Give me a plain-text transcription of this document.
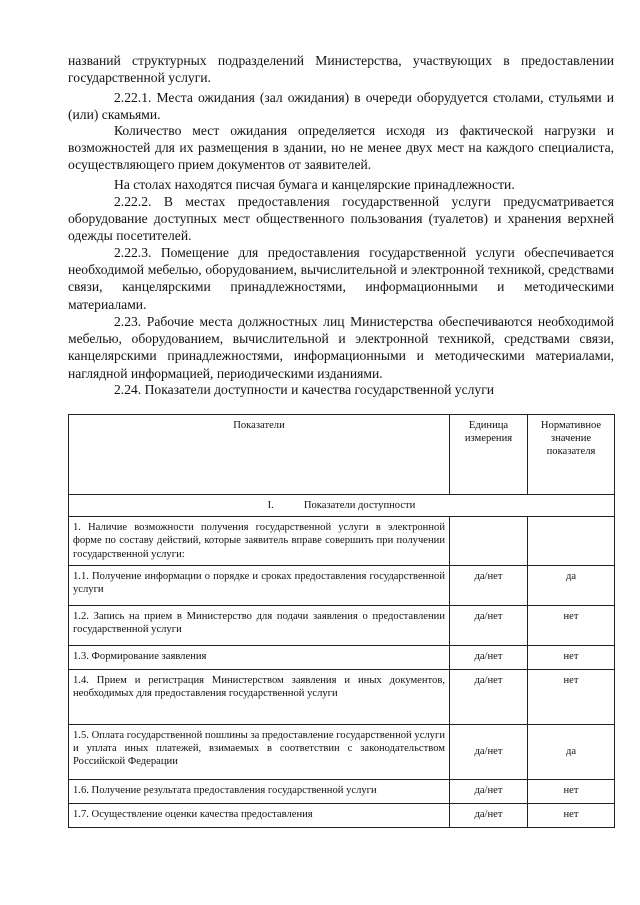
названий структурных подразделений Министерства, участвующих в предоставлении государственной услуги.

2.22.1. Места ожидания (зал ожидания) в очереди оборудуется столами, стульями и (или) скамьями.

Количество мест ожидания определяется исходя из фактической нагрузки и возможностей для их размещения в здании, но не менее двух мест на каждого специалиста, осуществляющего прием документов от заявителей.

На столах находятся писчая бумага и канцелярские принадлежности.

2.22.2. В местах предоставления государственной услуги предусматривается оборудование доступных мест общественного пользования (туалетов) и хранения верхней одежды посетителей.

2.22.3. Помещение для предоставления государственной услуги обеспечивается необходимой мебелью, оборудованием, вычислительной и электронной техникой, средствами связи, канцелярскими принадлежностями, информационными и методическими материалами.

2.23. Рабочие места должностных лиц Министерства обеспечиваются необходимой мебелью, оборудованием, вычислительной и электронной техникой, средствами связи, канцелярскими принадлежностями, информационными и методическими материалами, наглядной информацией, периодическими изданиями.

2.24. Показатели доступности и качества государственной услуги

Показатели	Единица измерения	Нормативное значение показателя
I. Показатели доступности		
1. Наличие возможности получения государственной услуги в электронной форме по составу действий, которые заявитель вправе совершить при получении государственной услуги:		
1.1. Получение информации о порядке и сроках предоставления государственной услуги	да/нет	да
1.2. Запись на прием в Министерство для подачи заявления о предоставлении государственной услуги	да/нет	нет
1.3. Формирование заявления	да/нет	нет
1.4. Прием и регистрация Министерством заявления и иных документов, необходимых для предоставления государственной услуги	да/нет	нет
1.5. Оплата государственной пошлины за предоставление государственной услуги и уплата иных платежей, взимаемых в соответствии с законодательством Российской Федерации	да/нет	да
1.6. Получение результата предоставления государственной услуги	да/нет	нет
1.7. Осуществление оценки качества предоставления	да/нет	нет
